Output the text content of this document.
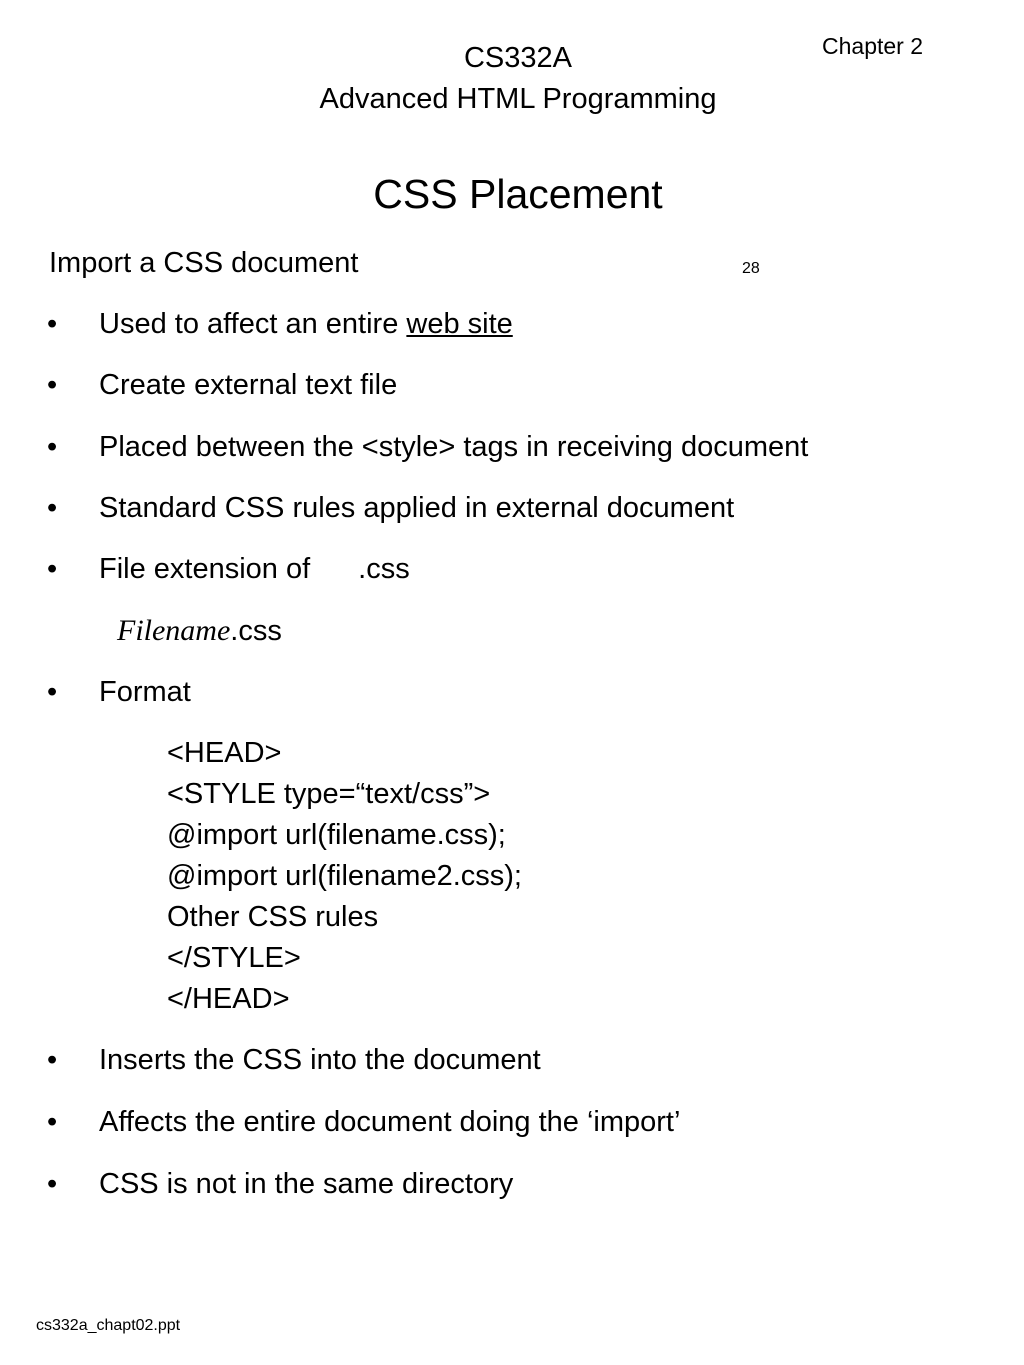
CS332A
Advanced HTML Programming
Chapter 2
CSS Placement
Import a CSS document	28
• Used to affect an entire web site
• Create external text file
• Placed between the <style> tags in receiving document
• Standard CSS rules applied in external document
• File extension of .css
Filename.css
• Format
<HEAD>
<STYLE type=“text/css”>
@import url(filename.css);
@import url(filename2.css);
Other CSS rules
</STYLE>
</HEAD>
• Inserts the CSS into the document
• Affects the entire document doing the ‘import’
• CSS is not in the same directory
cs332a_chapt02.ppt
